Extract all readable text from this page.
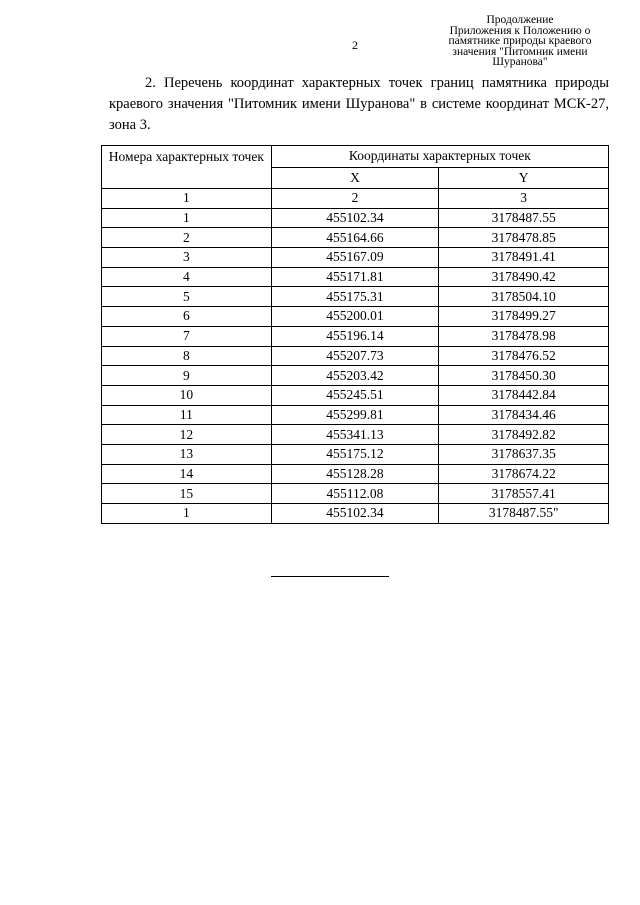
2
Продолжение
Приложения к Положению о
памятнике природы краевого
значения "Питомник имени
Шуранова"
2. Перечень координат характерных точек границ памятника природы краевого значения "Питомник имени Шуранова" в системе координат МСК-27, зона 3.
Номера характерных точек	Координаты характерных точек	
	X	Y
1	2	3
1	455102.34	3178487.55
2	455164.66	3178478.85
3	455167.09	3178491.41
4	455171.81	3178490.42
5	455175.31	3178504.10
6	455200.01	3178499.27
7	455196.14	3178478.98
8	455207.73	3178476.52
9	455203.42	3178450.30
10	455245.51	3178442.84
11	455299.81	3178434.46
12	455341.13	3178492.82
13	455175.12	3178637.35
14	455128.28	3178674.22
15	455112.08	3178557.41
1	455102.34	3178487.55"
